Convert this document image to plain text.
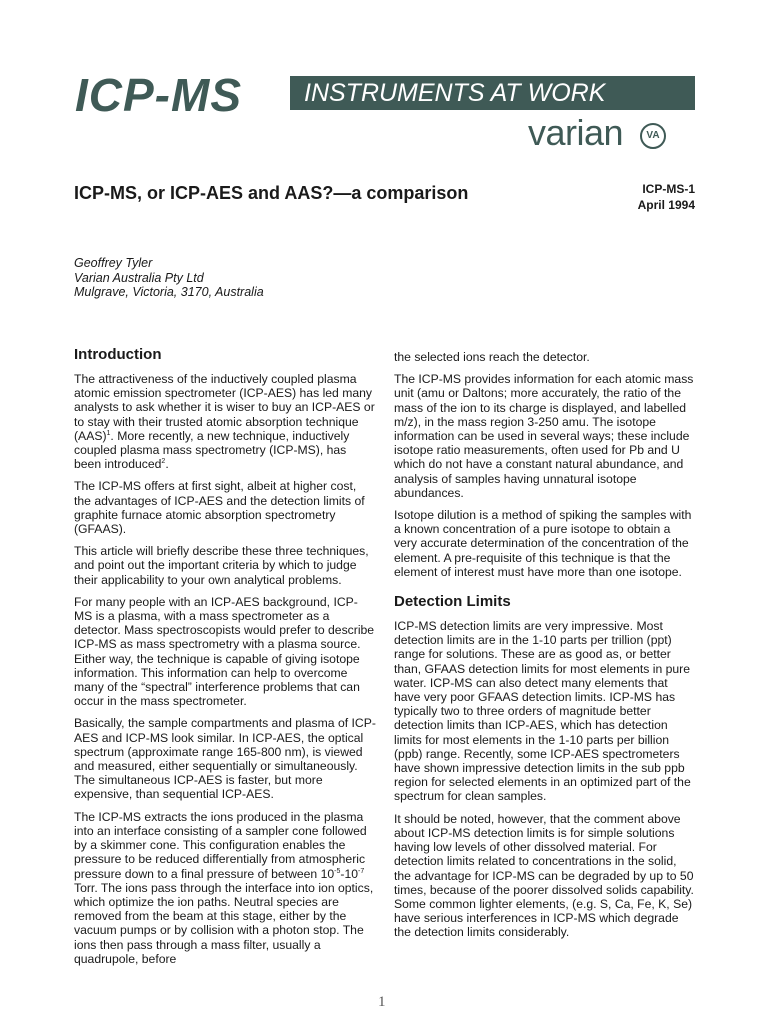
ICP-MS INSTRUMENTS AT WORK
varian	VA
ICP-MS, or ICP-AES and AAS?—a comparison	ICP-MS-1
April 1994
Geoffrey Tyler
Varian Australia Pty Ltd
Mulgrave, Victoria, 3170, Australia
Introduction

The attractiveness of the inductively coupled plasma atomic emission spectrometer (ICP-AES) has led many analysts to ask whether it is wiser to buy an ICP-AES or to stay with their trusted atomic absorption technique (AAS)$^1$. More recently, a new technique, inductively coupled plasma mass spectrometry (ICP-MS), has been introduced$^2$.

The ICP-MS offers at first sight, albeit at higher cost, the advantages of ICP-AES and the detection limits of graphite furnace atomic absorption spectrometry (GFAAS).

This article will briefly describe these three techniques, and point out the important criteria by which to judge their applicability to your own analytical problems.

For many people with an ICP-AES background, ICP-MS is a plasma, with a mass spectrometer as a detector. Mass spectroscopists would prefer to describe ICP-MS as mass spectrometry with a plasma source. Either way, the technique is capable of giving isotope information. This information can help to overcome many of the “spectral” interference problems that can occur in the mass spectrometer.

Basically, the sample compartments and plasma of ICP-AES and ICP-MS look similar. In ICP-AES, the optical spectrum (approximate range 165-800 nm), is viewed and measured, either sequentially or simultaneously. The simultaneous ICP-AES is faster, but more expensive, than sequential ICP-AES.

The ICP-MS extracts the ions produced in the plasma into an interface consisting of a sampler cone followed by a skimmer cone. This configuration enables the pressure to be reduced differentially from atmospheric pressure down to a final pressure of between $10^{-5}-10^{-7}$ Torr. The ions pass through the interface into ion optics, which optimize the ion paths. Neutral species are removed from the beam at this stage, either by the vacuum pumps or by collision with a photon stop. The ions then pass through a mass filter, usually a quadrupole, before

the selected ions reach the detector.

The ICP-MS provides information for each atomic mass unit (amu or Daltons; more accurately, the ratio of the mass of the ion to its charge is displayed, and labelled m/z), in the mass region 3-250 amu. The isotope information can be used in several ways; these include isotope ratio measurements, often used for Pb and U which do not have a constant natural abundance, and analysis of samples having unnatural isotope abundances.

Isotope dilution is a method of spiking the samples with a known concentration of a pure isotope to obtain a very accurate determination of the concentration of the element. A pre-requisite of this technique is that the element of interest must have more than one isotope.

Detection Limits

ICP-MS detection limits are very impressive. Most detection limits are in the 1-10 parts per trillion (ppt) range for solutions. These are as good as, or better than, GFAAS detection limits for most elements in pure water. ICP-MS can also detect many elements that have very poor GFAAS detection limits. ICP-MS has typically two to three orders of magnitude better detection limits than ICP-AES, which has detection limits for most elements in the 1-10 parts per billion (ppb) range. Recently, some ICP-AES spectrometers have shown impressive detection limits in the sub ppb region for selected elements in an optimized part of the spectrum for clean samples.

It should be noted, however, that the comment above about ICP-MS detection limits is for simple solutions having low levels of other dissolved material. For detection limits related to concentrations in the solid, the advantage for ICP-MS can be degraded by up to 50 times, because of the poorer dissolved solids capability. Some common lighter elements, (e.g. S, Ca, Fe, K, Se) have serious interferences in ICP-MS which degrade the detection limits considerably.

1
